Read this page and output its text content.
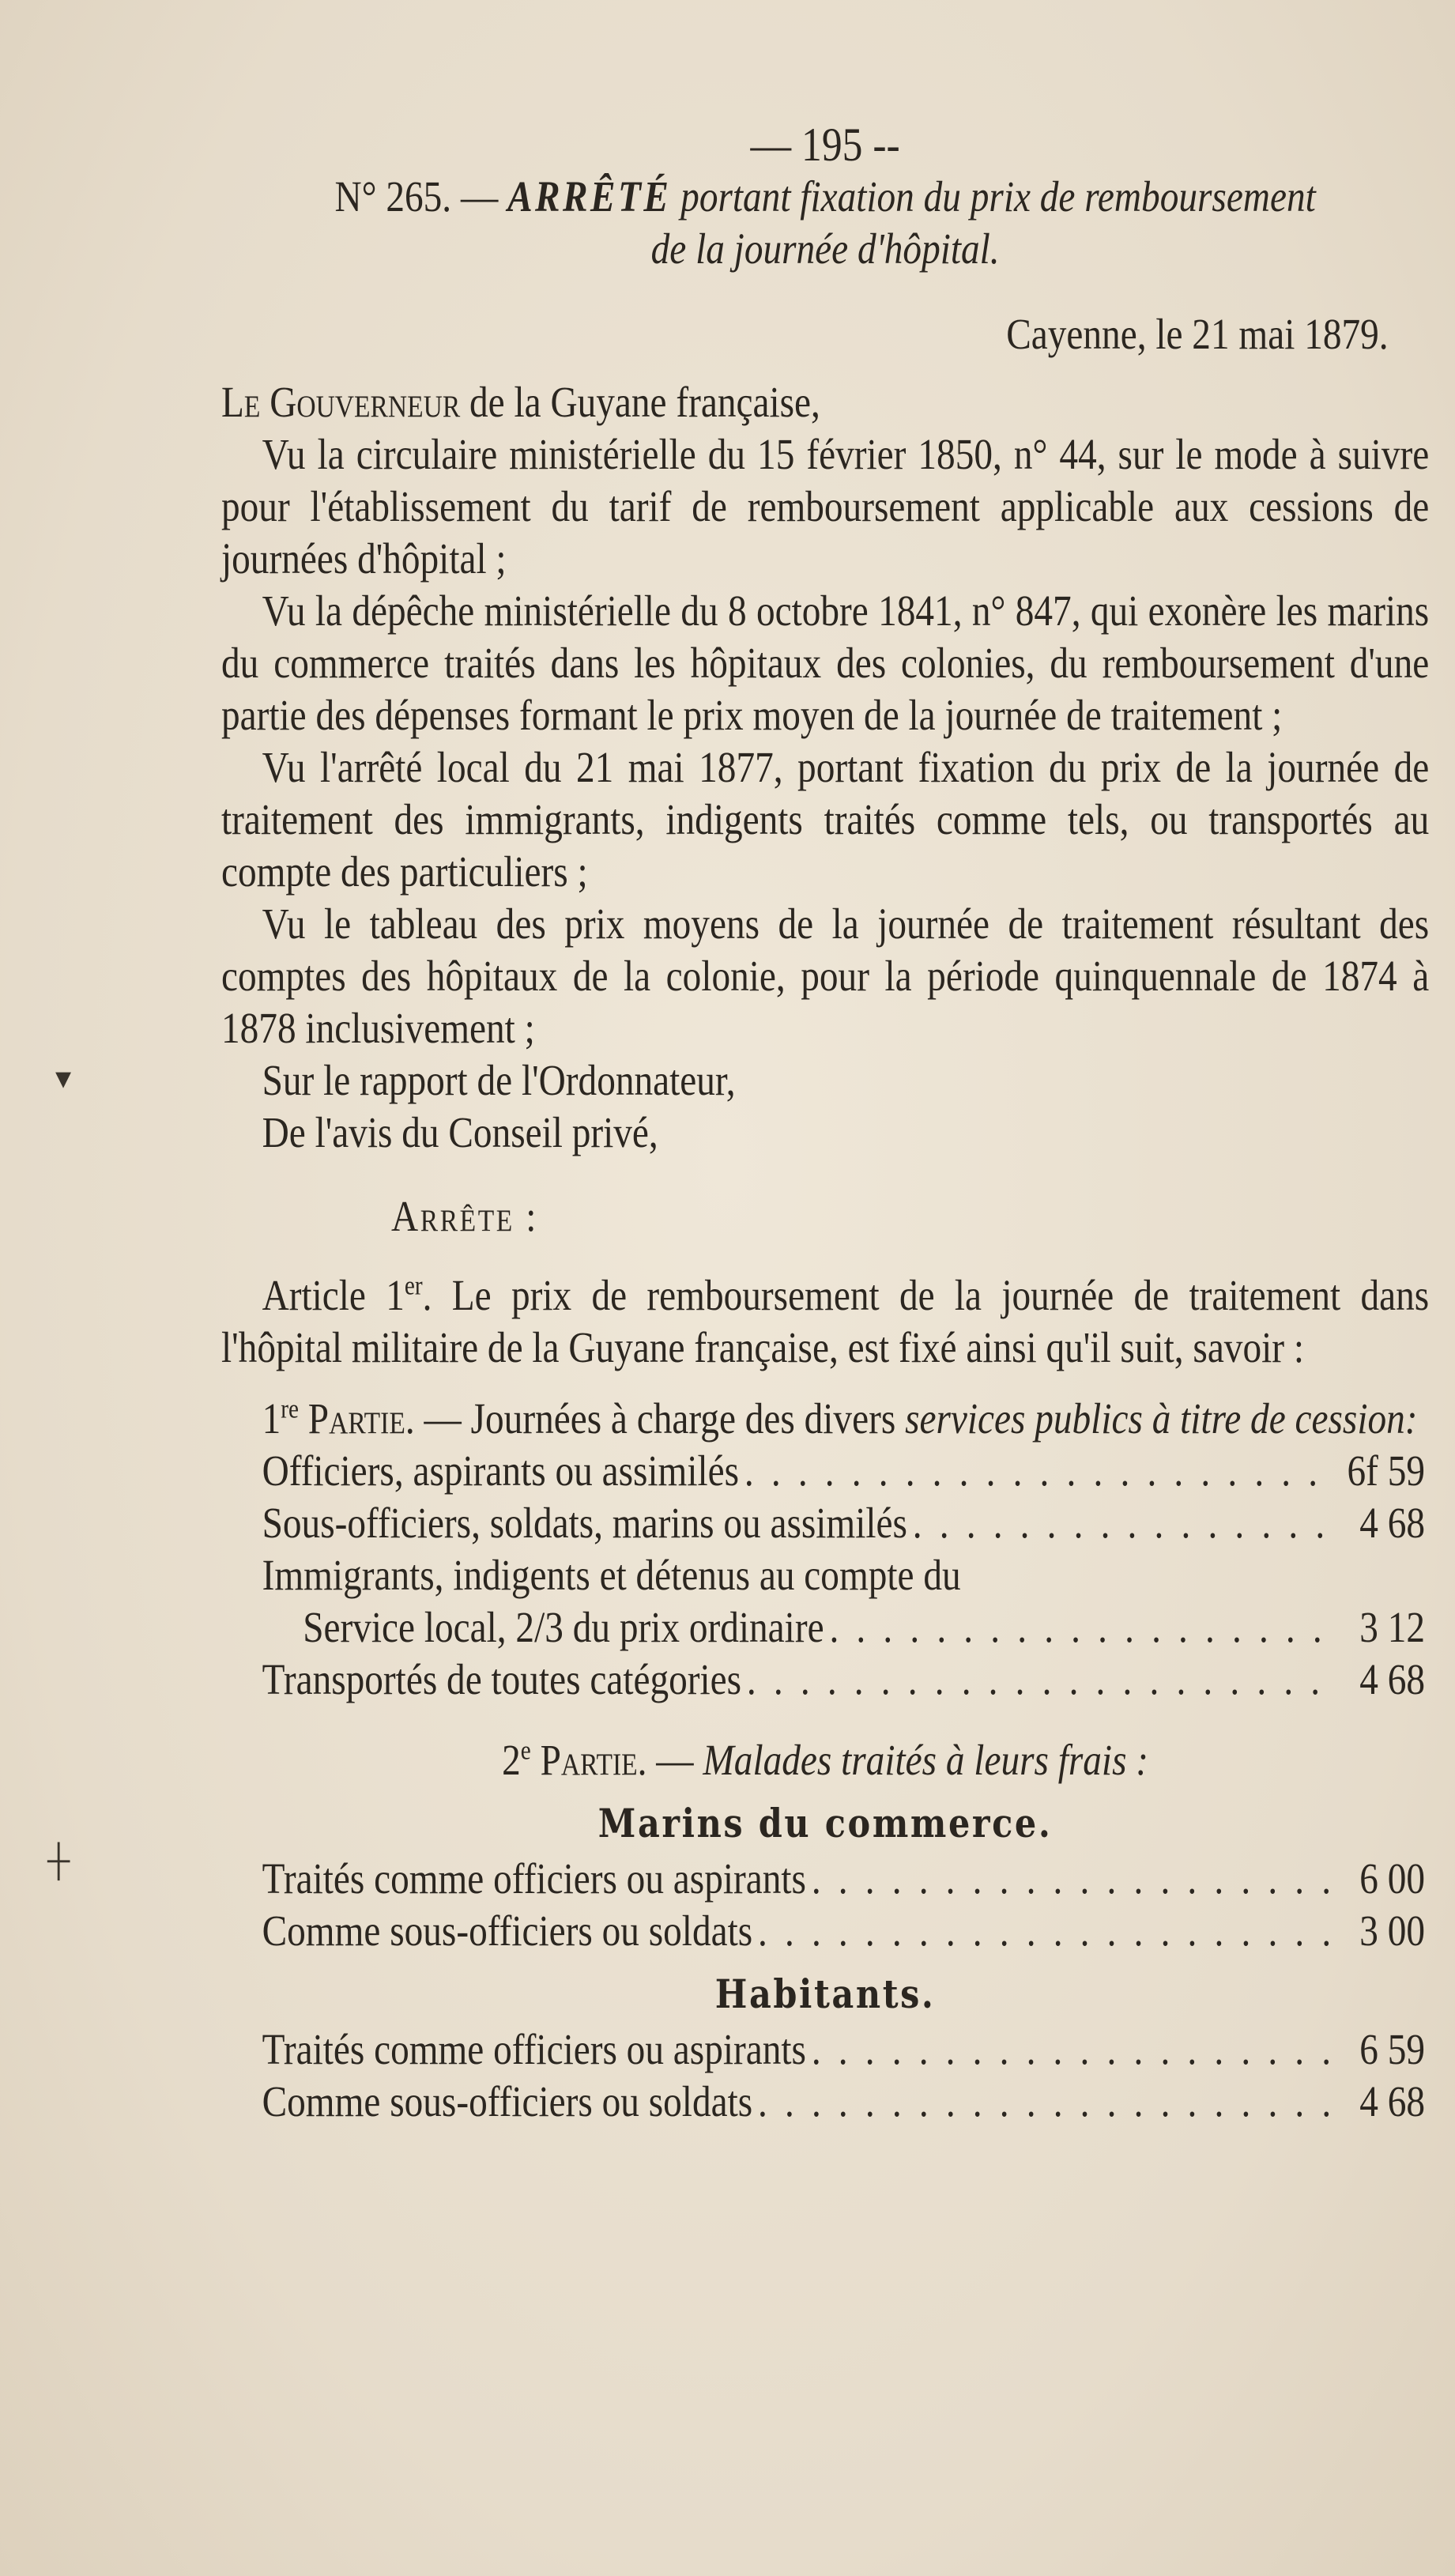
▾
┼
— 195 --
N° 265. — ARRÊTÉ portant fixation du prix de remboursement
de la journée d'hôpital.
Cayenne, le 21 mai 1879.

Le Gouverneur de la Guyane française,

Vu la circulaire ministérielle du 15 février 1850, n° 44, sur le mode à suivre pour l'établissement du tarif de remboursement applicable aux cessions de journées d'hôpital ;

Vu la dépêche ministérielle du 8 octobre 1841, n° 847, qui exonère les marins du commerce traités dans les hôpitaux des colonies, du remboursement d'une partie des dépenses formant le prix moyen de la journée de traitement ;

Vu l'arrêté local du 21 mai 1877, portant fixation du prix de la journée de traitement des immigrants, indigents traités comme tels, ou transportés au compte des particuliers ;

Vu le tableau des prix moyens de la journée de traitement résultant des comptes des hôpitaux de la colonie, pour la période quinquennale de 1874 à 1878 inclusivement ;

Sur le rapport de l'Ordonnateur,

De l'avis du Conseil privé,

Arrête :

Article 1er. Le prix de remboursement de la journée de traitement dans l'hôpital militaire de la Guyane française, est fixé ainsi qu'il suit, savoir :

1re Partie. — Journées à charge des divers services publics à titre de cession:

Officiers, aspirants ou assimilés . . .	6f 59
Sous-officiers, soldats, marins ou assimilés . . .	4 68
Immigrants, indigents et détenus au compte du
Service local, 2/3 du prix ordinaire . . .	3 12
Transportés de toutes catégories . . .	4 68
2e Partie. — Malades traités à leurs frais :
Marins du commerce.
Traités comme officiers ou aspirants . . .	6 00
Comme sous-officiers ou soldats . . .	3 00
Habitants.
Traités comme officiers ou aspirants . . .	6 59
Comme sous-officiers ou soldats . . .	4 68
